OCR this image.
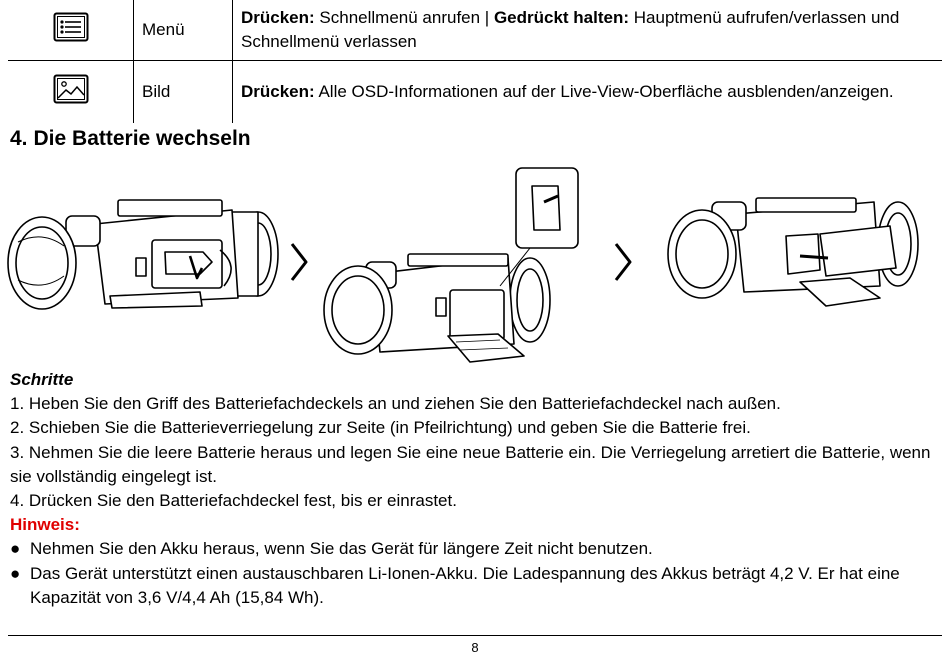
	Menü	Drücken: Schnellmenü anrufen | Gedrückt halten: Hauptmenü aufrufen/verlassen und Schnellmenü verlassen
	Bild	Drücken: Alle OSD-Informationen auf der Live-View-Oberfläche ausblenden/anzeigen.
4. Die Batterie wechseln

Schritte

1. Heben Sie den Griff des Batteriefachdeckels an und ziehen Sie den Batteriefachdeckel nach außen.

2. Schieben Sie die Batterieverriegelung zur Seite (in Pfeilrichtung) und geben Sie die Batterie frei.

3. Nehmen Sie die leere Batterie heraus und legen Sie eine neue Batterie ein. Die Verriegelung arretiert die Batterie, wenn sie vollständig eingelegt ist.

4. Drücken Sie den Batteriefachdeckel fest, bis er einrastet.

Hinweis:

● Nehmen Sie den Akku heraus, wenn Sie das Gerät für längere Zeit nicht benutzen.

● Das Gerät unterstützt einen austauschbaren Li-Ionen-Akku. Die Ladespannung des Akkus beträgt 4,2 V. Er hat eine Kapazität von 3,6 V/4,4 Ah (15,84 Wh).

8
